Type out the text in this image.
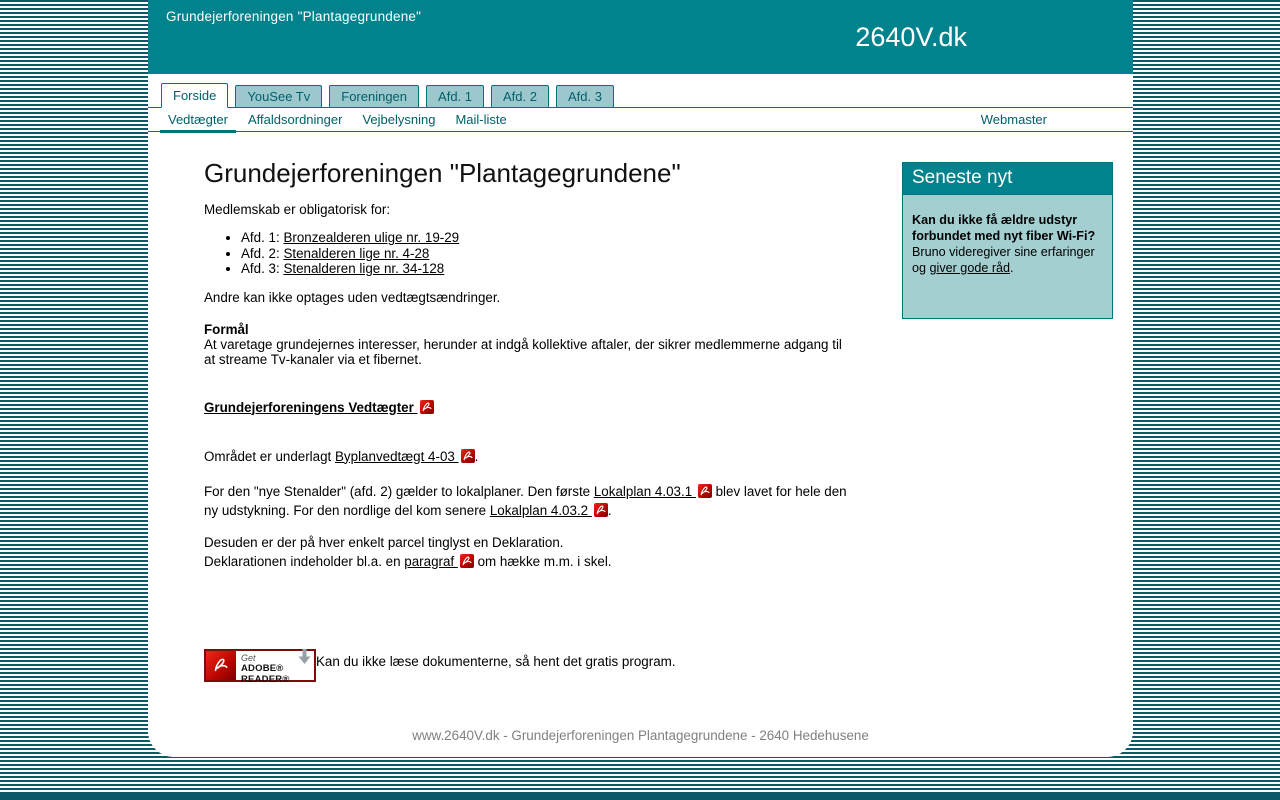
Grundejerforeningen "Plantagegrundene"
2640V.dk
Forside	YouSee Tv	Foreningen	Afd. 1	Afd. 2	Afd. 3
Vedtægter	Affaldsordninger	Vejbelysning	Mail-liste	Webmaster
Grundejerforeningen "Plantagegrundene"

Medlemskab er obligatorisk for:

• Afd. 1: Bronzealderen ulige nr. 19-29
• Afd. 2: Stenalderen lige nr. 4-28
• Afd. 3: Stenalderen lige nr. 34-128

Andre kan ikke optages uden vedtægtsændringer.

Formål
At varetage grundejernes interesser, herunder at indgå kollektive aftaler, der sikrer medlemmerne adgang til at streame Tv-kanaler via et fibernet.

Grundejerforeningens Vedtægter

Området er underlagt Byplanvedtægt 4-03 .

For den "nye Stenalder" (afd. 2) gælder to lokalplaner. Den første Lokalplan 4.03.1  blev lavet for hele den ny udstykning. For den nordlige del kom senere Lokalplan 4.03.2 .

Desuden er der på hver enkelt parcel tinglyst en Deklaration.
Deklarationen indeholder bl.a. en paragraf  om hække m.m. i skel.

Get
ADOBE® READER®

Kan du ikke læse dokumenterne, så hent det gratis program.

Seneste nyt

Kan du ikke få ældre udstyr forbundet med nyt fiber Wi-Fi?

Bruno videregiver sine erfaringer og giver gode råd.

www.2640V.dk - Grundejerforeningen Plantagegrundene - 2640 Hedehusene
